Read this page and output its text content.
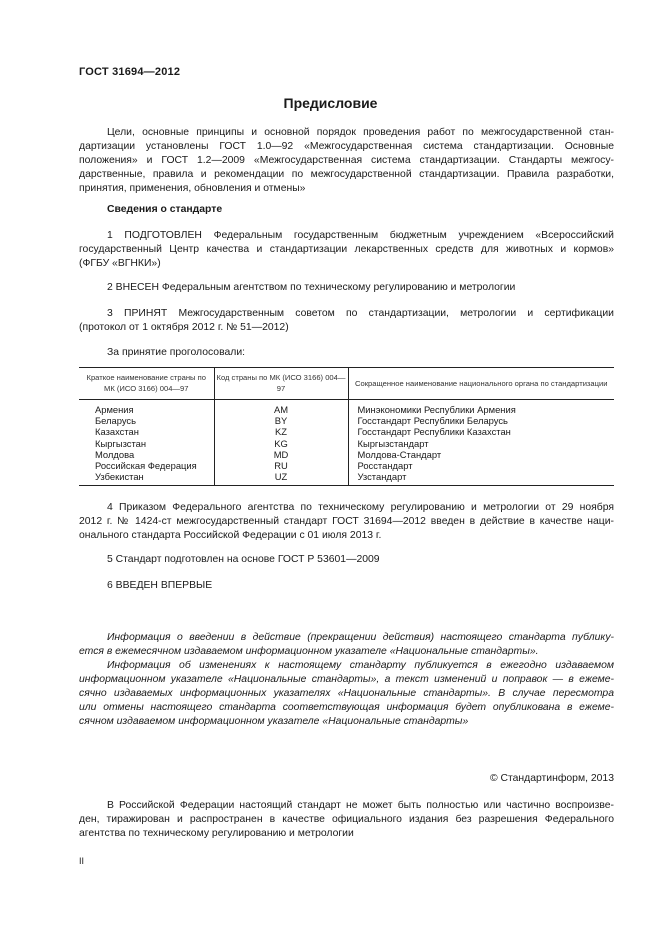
ГОСТ 31694—2012
Предисловие
Цели, основные принципы и основной порядок проведения работ по межгосударственной стан-
дартизации установлены ГОСТ 1.0—92 «Межгосударственная система стандартизации. Основные
положения» и ГОСТ 1.2—2009 «Межгосударственная система стандартизации. Стандарты межгосу-
дарственные, правила и рекомендации по межгосударственной стандартизации. Правила разработки,
принятия, применения, обновления и отмены»
Сведения о стандарте
1 ПОДГОТОВЛЕН Федеральным государственным бюджетным учреждением «Всероссийский
государственный Центр качества и стандартизации лекарственных средств для животных и кормов»
(ФГБУ «ВГНКИ»)
2 ВНЕСЕН Федеральным агентством по техническому регулированию и метрологии
3 ПРИНЯТ Межгосударственным советом по стандартизации, метрологии и сертификации
(протокол от 1 октября 2012 г. № 51—2012)
За принятие проголосовали:
Краткое наименование страны по МК (ИСО 3166) 004—97	Код страны по МК (ИСО 3166) 004—97	Сокращенное наименование национального органа по стандартизации
Армения	AM	Минэкономики Республики Армения
Беларусь	BY	Госстандарт Республики Беларусь
Казахстан	KZ	Госстандарт Республики Казахстан
Кыргызстан	KG	Кыргызстандарт
Молдова	MD	Молдова-Стандарт
Российская Федерация	RU	Росстандарт
Узбекистан	UZ	Узстандарт
4 Приказом Федерального агентства по техническому регулированию и метрологии от 29 ноября
2012 г. № 1424-ст межгосударственный стандарт ГОСТ 31694—2012 введен в действие в качестве наци-
онального стандарта Российской Федерации с 01 июля 2013 г.
5 Стандарт подготовлен на основе ГОСТ Р 53601—2009
6 ВВЕДЕН ВПЕРВЫЕ
Информация о введении в действие (прекращении действия) настоящего стандарта публику-
ется в ежемесячном издаваемом информационном указателе «Национальные стандарты».
Информация об изменениях к настоящему стандарту публикуется в ежегодно издаваемом
информационном указателе «Национальные стандарты», а текст изменений и поправок — в ежеме-
сячно издаваемых информационных указателях «Национальные стандарты». В случае пересмотра
или отмены настоящего стандарта соответствующая информация будет опубликована в ежеме-
сячном издаваемом информационном указателе «Национальные стандарты»
© Стандартинформ, 2013
В Российской Федерации настоящий стандарт не может быть полностью или частично воспроизве-
ден, тиражирован и распространен в качестве официального издания без разрешения Федерального
агентства по техническому регулированию и метрологии
II
